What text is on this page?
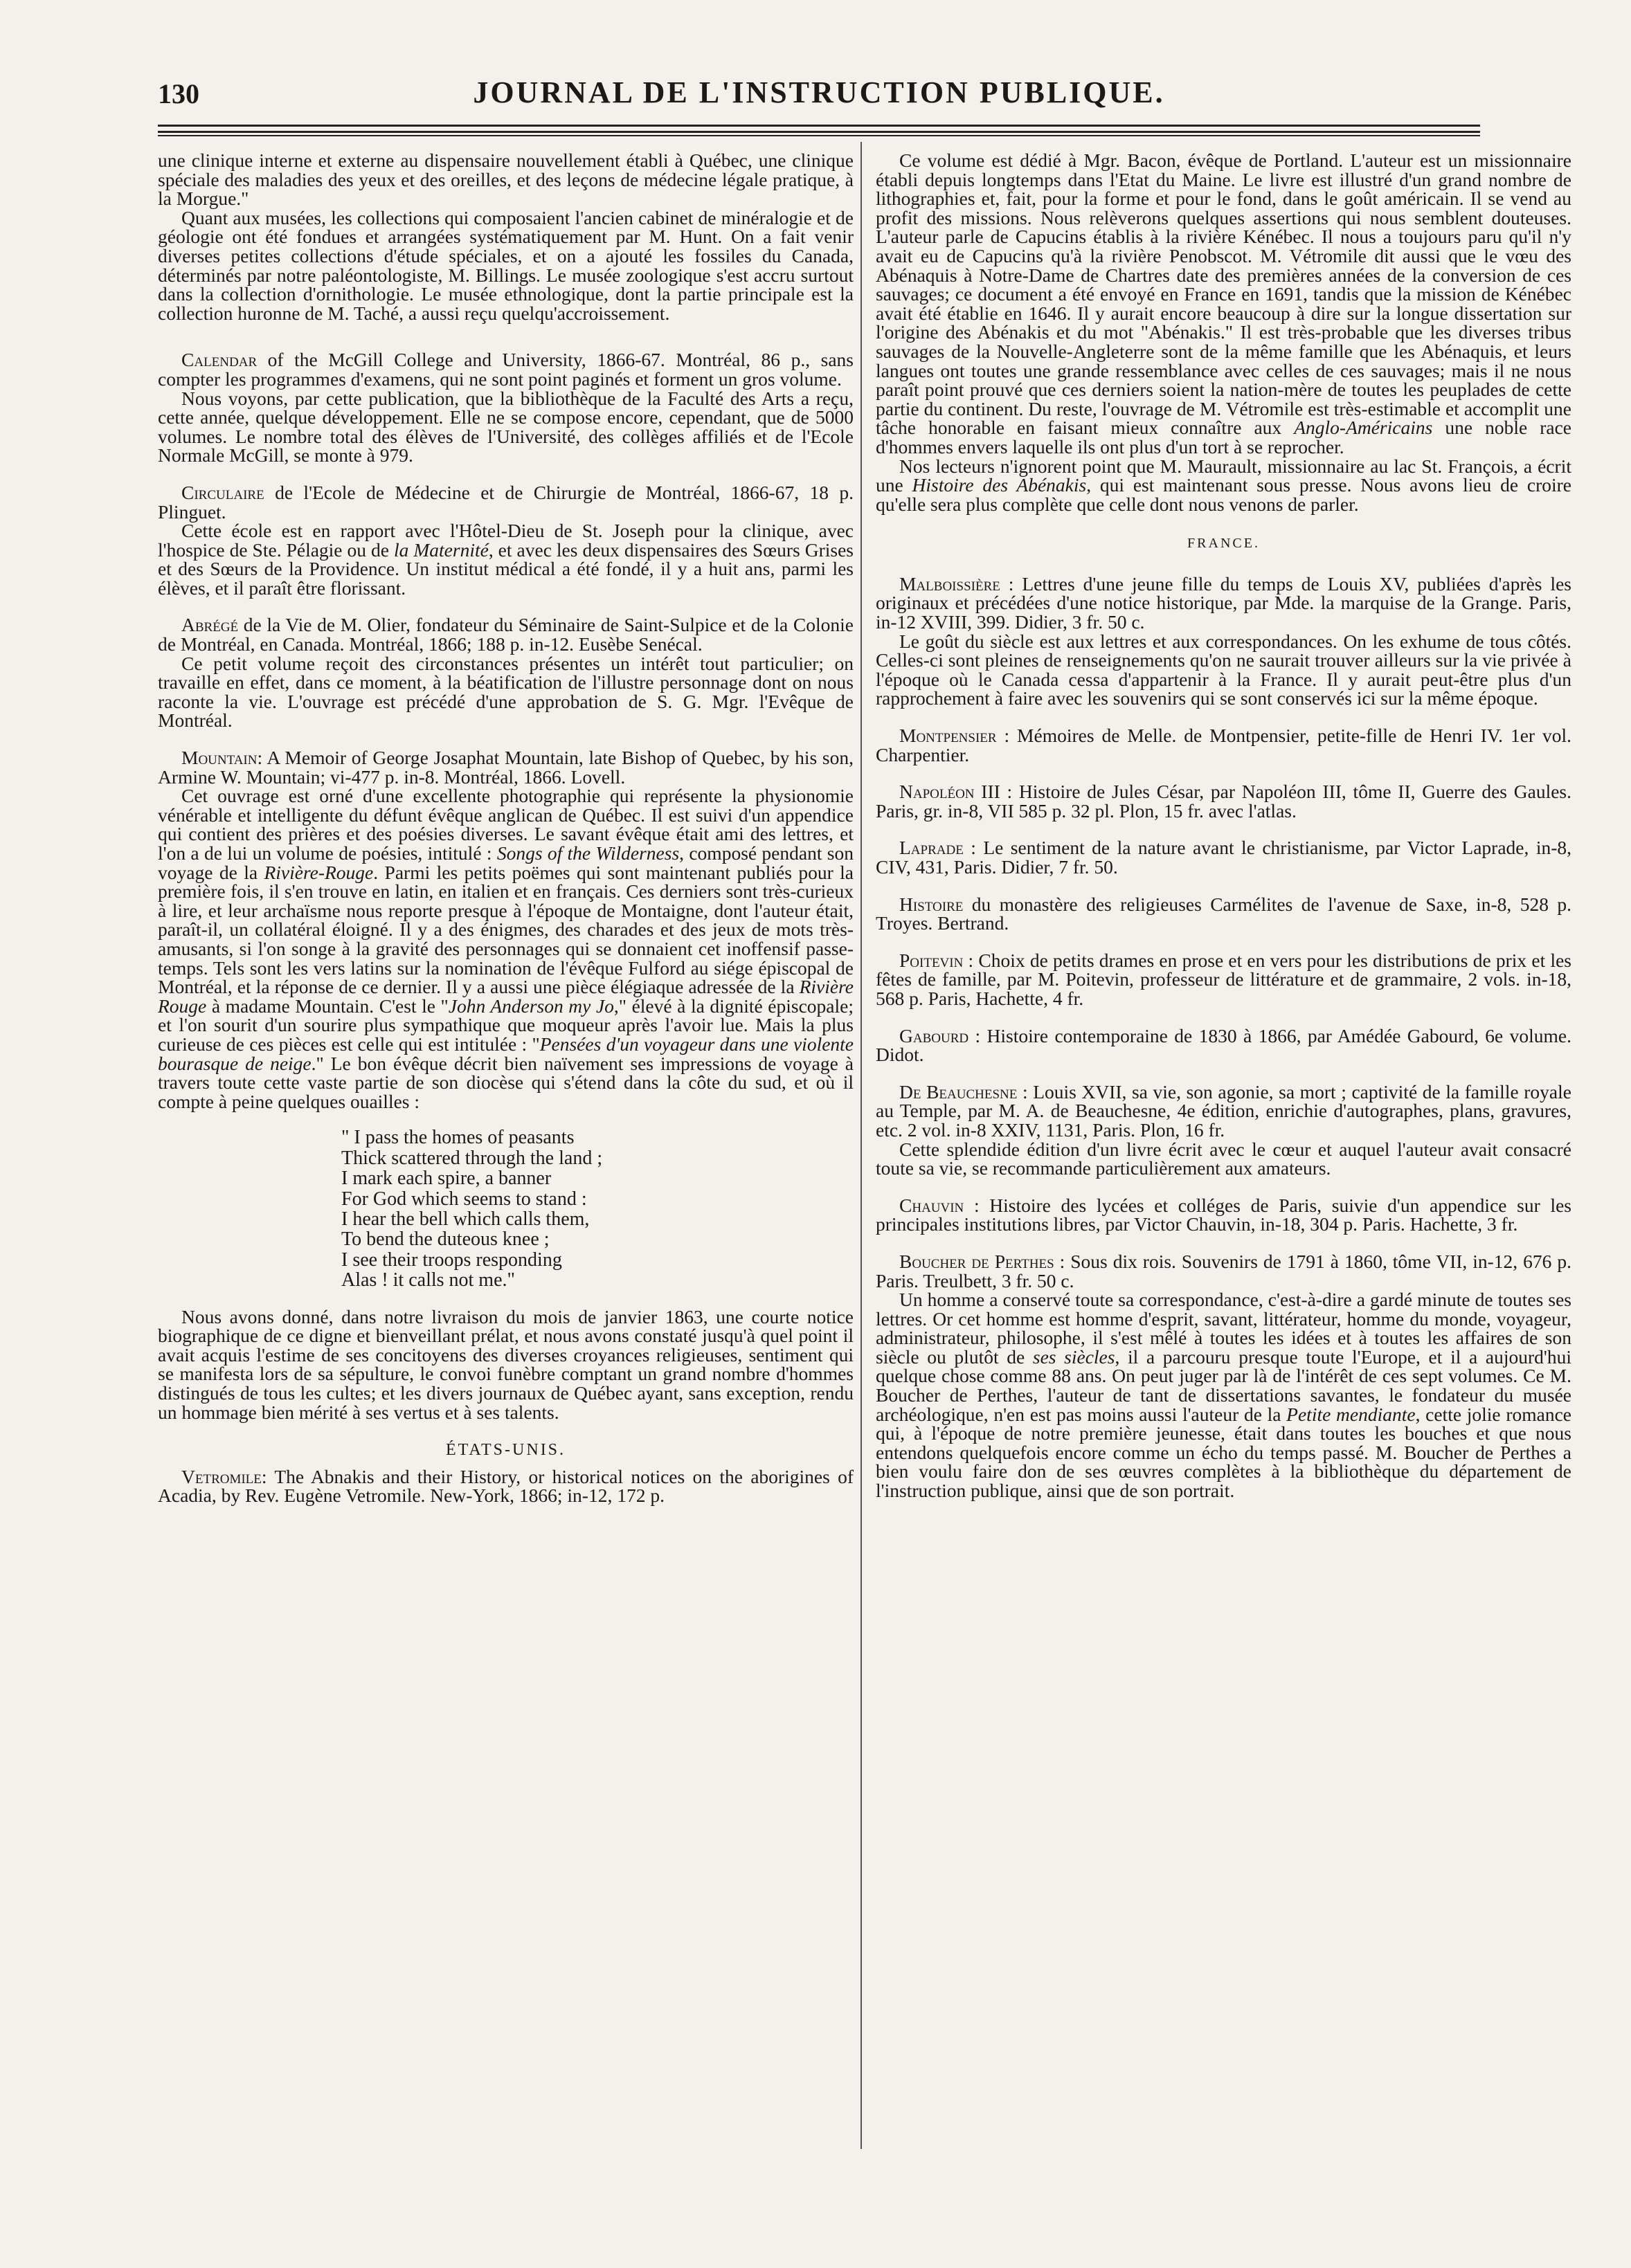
130	JOURNAL DE L'INSTRUCTION PUBLIQUE.

une clinique interne et externe au dispensaire nouvellement établi à Québec, une clinique spéciale des maladies des yeux et des oreilles, et des leçons de médecine légale pratique, à la Morgue."

Quant aux musées, les collections qui composaient l'ancien cabinet de minéralogie et de géologie ont été fondues et arrangées systématiquement par M. Hunt. On a fait venir diverses petites collections d'étude spéciales, et on a ajouté les fossiles du Canada, déterminés par notre paléontologiste, M. Billings. Le musée zoologique s'est accru surtout dans la collection d'ornithologie. Le musée ethnologique, dont la partie principale est la collection huronne de M. Taché, a aussi reçu quelqu'accroissement.

Calendar of the McGill College and University, 1866-67. Montréal, 86 p., sans compter les programmes d'examens, qui ne sont point paginés et forment un gros volume.

Nous voyons, par cette publication, que la bibliothèque de la Faculté des Arts a reçu, cette année, quelque développement. Elle ne se compose encore, cependant, que de 5000 volumes. Le nombre total des élèves de l'Université, des collèges affiliés et de l'Ecole Normale McGill, se monte à 979.

Circulaire de l'Ecole de Médecine et de Chirurgie de Montréal, 1866-67, 18 p. Plinguet.

Cette école est en rapport avec l'Hôtel-Dieu de St. Joseph pour la clinique, avec l'hospice de Ste. Pélagie ou de la Maternité, et avec les deux dispensaires des Sœurs Grises et des Sœurs de la Providence. Un institut médical a été fondé, il y a huit ans, parmi les élèves, et il paraît être florissant.

Abrégé de la Vie de M. Olier, fondateur du Séminaire de Saint-Sulpice et de la Colonie de Montréal, en Canada. Montréal, 1866; 188 p. in-12. Eusèbe Senécal.

Ce petit volume reçoit des circonstances présentes un intérêt tout particulier; on travaille en effet, dans ce moment, à la béatification de l'illustre personnage dont on nous raconte la vie. L'ouvrage est précédé d'une approbation de S. G. Mgr. l'Evêque de Montréal.

Mountain: A Memoir of George Josaphat Mountain, late Bishop of Quebec, by his son, Armine W. Mountain; vi-477 p. in-8. Montréal, 1866. Lovell.

Cet ouvrage est orné d'une excellente photographie qui représente la physionomie vénérable et intelligente du défunt évêque anglican de Québec. Il est suivi d'un appendice qui contient des prières et des poésies diverses. Le savant évêque était ami des lettres, et l'on a de lui un volume de poésies, intitulé : Songs of the Wilderness, composé pendant son voyage de la Rivière-Rouge. Parmi les petits poëmes qui sont maintenant publiés pour la première fois, il s'en trouve en latin, en italien et en français. Ces derniers sont très-curieux à lire, et leur archaïsme nous reporte presque à l'époque de Montaigne, dont l'auteur était, paraît-il, un collatéral éloigné. Il y a des énigmes, des charades et des jeux de mots très-amusants, si l'on songe à la gravité des personnages qui se donnaient cet inoffensif passe-temps. Tels sont les vers latins sur la nomination de l'évêque Fulford au siége épiscopal de Montréal, et la réponse de ce dernier. Il y a aussi une pièce élégiaque adressée de la Rivière Rouge à madame Mountain. C'est le "John Anderson my Jo," élevé à la dignité épiscopale; et l'on sourit d'un sourire plus sympathique que moqueur après l'avoir lue. Mais la plus curieuse de ces pièces est celle qui est intitulée : "Pensées d'un voyageur dans une violente bourasque de neige." Le bon évêque décrit bien naïvement ses impressions de voyage à travers toute cette vaste partie de son diocèse qui s'étend dans la côte du sud, et où il compte à peine quelques ouailles :

" I pass the homes of peasants
Thick scattered through the land ;
I mark each spire, a banner
For God which seems to stand :
I hear the bell which calls them,
To bend the duteous knee ;
I see their troops responding
Alas ! it calls not me."

Nous avons donné, dans notre livraison du mois de janvier 1863, une courte notice biographique de ce digne et bienveillant prélat, et nous avons constaté jusqu'à quel point il avait acquis l'estime de ses concitoyens des diverses croyances religieuses, sentiment qui se manifesta lors de sa sépulture, le convoi funèbre comptant un grand nombre d'hommes distingués de tous les cultes; et les divers journaux de Québec ayant, sans exception, rendu un hommage bien mérité à ses vertus et à ses talents.

ÉTATS-UNIS.

Vetromile: The Abnakis and their History, or historical notices on the aborigines of Acadia, by Rev. Eugène Vetromile. New-York, 1866; in-12, 172 p.

Ce volume est dédié à Mgr. Bacon, évêque de Portland. L'auteur est un missionnaire établi depuis longtemps dans l'Etat du Maine. Le livre est illustré d'un grand nombre de lithographies et, fait, pour la forme et pour le fond, dans le goût américain. Il se vend au profit des missions. Nous relèverons quelques assertions qui nous semblent douteuses. L'auteur parle de Capucins établis à la rivière Kénébec. Il nous a toujours paru qu'il n'y avait eu de Capucins qu'à la rivière Penobscot. M. Vétromile dit aussi que le vœu des Abénaquis à Notre-Dame de Chartres date des premières années de la conversion de ces sauvages; ce document a été envoyé en France en 1691, tandis que la mission de Kénébec avait été établie en 1646. Il y aurait encore beaucoup à dire sur la longue dissertation sur l'origine des Abénakis et du mot "Abénakis." Il est très-probable que les diverses tribus sauvages de la Nouvelle-Angleterre sont de la même famille que les Abénaquis, et leurs langues ont toutes une grande ressemblance avec celles de ces sauvages; mais il ne nous paraît point prouvé que ces derniers soient la nation-mère de toutes les peuplades de cette partie du continent. Du reste, l'ouvrage de M. Vétromile est très-estimable et accomplit une tâche honorable en faisant mieux connaître aux Anglo-Américains une noble race d'hommes envers laquelle ils ont plus d'un tort à se reprocher.

Nos lecteurs n'ignorent point que M. Maurault, missionnaire au lac St. François, a écrit une Histoire des Abénakis, qui est maintenant sous presse. Nous avons lieu de croire qu'elle sera plus complète que celle dont nous venons de parler.

FRANCE.

Malboissière : Lettres d'une jeune fille du temps de Louis XV, publiées d'après les originaux et précédées d'une notice historique, par Mde. la marquise de la Grange. Paris, in-12 XVIII, 399. Didier, 3 fr. 50 c.

Le goût du siècle est aux lettres et aux correspondances. On les exhume de tous côtés. Celles-ci sont pleines de renseignements qu'on ne saurait trouver ailleurs sur la vie privée à l'époque où le Canada cessa d'appartenir à la France. Il y aurait peut-être plus d'un rapprochement à faire avec les souvenirs qui se sont conservés ici sur la même époque.

Montpensier : Mémoires de Melle. de Montpensier, petite-fille de Henri IV. 1er vol. Charpentier.

Napoléon III : Histoire de Jules César, par Napoléon III, tôme II, Guerre des Gaules. Paris, gr. in-8, VII 585 p. 32 pl. Plon, 15 fr. avec l'atlas.

Laprade : Le sentiment de la nature avant le christianisme, par Victor Laprade, in-8, CIV, 431, Paris. Didier, 7 fr. 50.

Histoire du monastère des religieuses Carmélites de l'avenue de Saxe, in-8, 528 p. Troyes. Bertrand.

Poitevin : Choix de petits drames en prose et en vers pour les distributions de prix et les fêtes de famille, par M. Poitevin, professeur de littérature et de grammaire, 2 vols. in-18, 568 p. Paris, Hachette, 4 fr.

Gabourd : Histoire contemporaine de 1830 à 1866, par Amédée Gabourd, 6e volume. Didot.

De Beauchesne : Louis XVII, sa vie, son agonie, sa mort ; captivité de la famille royale au Temple, par M. A. de Beauchesne, 4e édition, enrichie d'autographes, plans, gravures, etc. 2 vol. in-8 XXIV, 1131, Paris. Plon, 16 fr.

Cette splendide édition d'un livre écrit avec le cœur et auquel l'auteur avait consacré toute sa vie, se recommande particulièrement aux amateurs.

Chauvin : Histoire des lycées et colléges de Paris, suivie d'un appendice sur les principales institutions libres, par Victor Chauvin, in-18, 304 p. Paris. Hachette, 3 fr.

Boucher de Perthes : Sous dix rois. Souvenirs de 1791 à 1860, tôme VII, in-12, 676 p. Paris. Treulbett, 3 fr. 50 c.

Un homme a conservé toute sa correspondance, c'est-à-dire a gardé minute de toutes ses lettres. Or cet homme est homme d'esprit, savant, littérateur, homme du monde, voyageur, administrateur, philosophe, il s'est mêlé à toutes les idées et à toutes les affaires de son siècle ou plutôt de ses siècles, il a parcouru presque toute l'Europe, et il a aujourd'hui quelque chose comme 88 ans. On peut juger par là de l'intérêt de ces sept volumes. Ce M. Boucher de Perthes, l'auteur de tant de dissertations savantes, le fondateur du musée archéologique, n'en est pas moins aussi l'auteur de la Petite mendiante, cette jolie romance qui, à l'époque de notre première jeunesse, était dans toutes les bouches et que nous entendons quelquefois encore comme un écho du temps passé. M. Boucher de Perthes a bien voulu faire don de ses œuvres complètes à la bibliothèque du département de l'instruction publique, ainsi que de son portrait.
